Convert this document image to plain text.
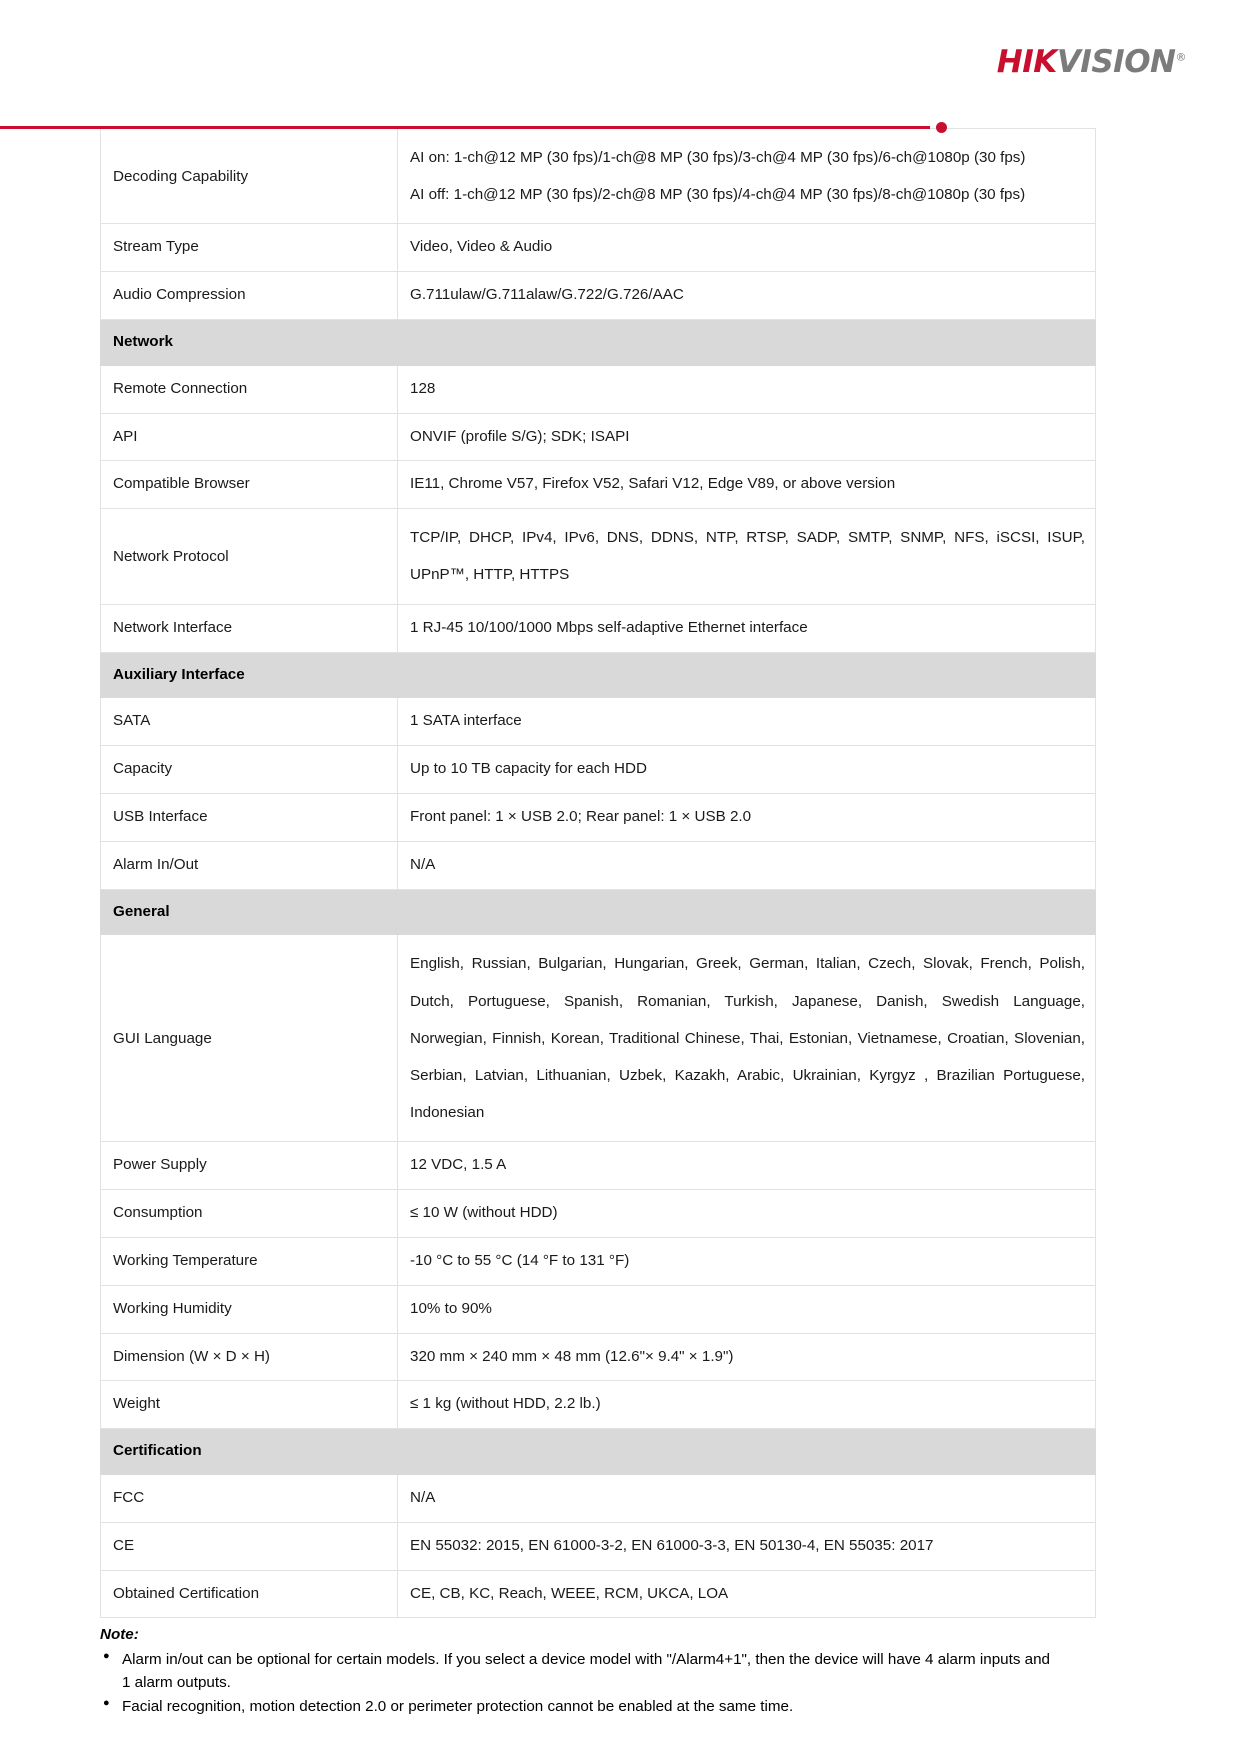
HIKVISION®
Decoding Capability	AI on: 1-ch@12 MP (30 fps)/1-ch@8 MP (30 fps)/3-ch@4 MP (30 fps)/6-ch@1080p (30 fps)
AI off: 1-ch@12 MP (30 fps)/2-ch@8 MP (30 fps)/4-ch@4 MP (30 fps)/8-ch@1080p (30 fps)

Stream Type	Video, Video & Audio
Audio Compression	G.711ulaw/G.711alaw/G.722/G.726/AAC
Network	
Remote Connection	128
API	ONVIF (profile S/G); SDK; ISAPI
Compatible Browser	IE11, Chrome V57, Firefox V52, Safari V12, Edge V89, or above version
Network Protocol	TCP/IP, DHCP, IPv4, IPv6, DNS, DDNS, NTP, RTSP, SADP, SMTP, SNMP, NFS, iSCSI, ISUP, UPnP™, HTTP, HTTPS

Network Interface	1 RJ-45 10/100/1000 Mbps self-adaptive Ethernet interface
Auxiliary Interface	
SATA	1 SATA interface
Capacity	Up to 10 TB capacity for each HDD
USB Interface	Front panel: 1 × USB 2.0; Rear panel: 1 × USB 2.0
Alarm In/Out	N/A
General	
GUI Language	English, Russian, Bulgarian, Hungarian, Greek, German, Italian, Czech, Slovak, French, Polish, Dutch, Portuguese, Spanish, Romanian, Turkish, Japanese, Danish, Swedish Language, Norwegian, Finnish, Korean, Traditional Chinese, Thai, Estonian, Vietnamese, Croatian, Slovenian, Serbian, Latvian, Lithuanian, Uzbek, Kazakh, Arabic, Ukrainian, Kyrgyz , Brazilian Portuguese, Indonesian

Power Supply	12 VDC, 1.5 A
Consumption	≤ 10 W (without HDD)
Working Temperature	-10 °C to 55 °C (14 °F to 131 °F)
Working Humidity	10% to 90%
Dimension (W × D × H)	320 mm × 240 mm × 48 mm (12.6"× 9.4" × 1.9")
Weight	≤ 1 kg (without HDD, 2.2 lb.)
Certification	
FCC	N/A
CE	EN 55032: 2015, EN 61000-3-2, EN 61000-3-3, EN 50130-4, EN 55035: 2017
Obtained Certification	CE, CB, KC, Reach, WEEE, RCM, UKCA, LOA
Note:
● Alarm in/out can be optional for certain models. If you select a device model with "/Alarm4+1", then the device will have 4 alarm inputs and 1 alarm outputs.
● Facial recognition, motion detection 2.0 or perimeter protection cannot be enabled at the same time.
